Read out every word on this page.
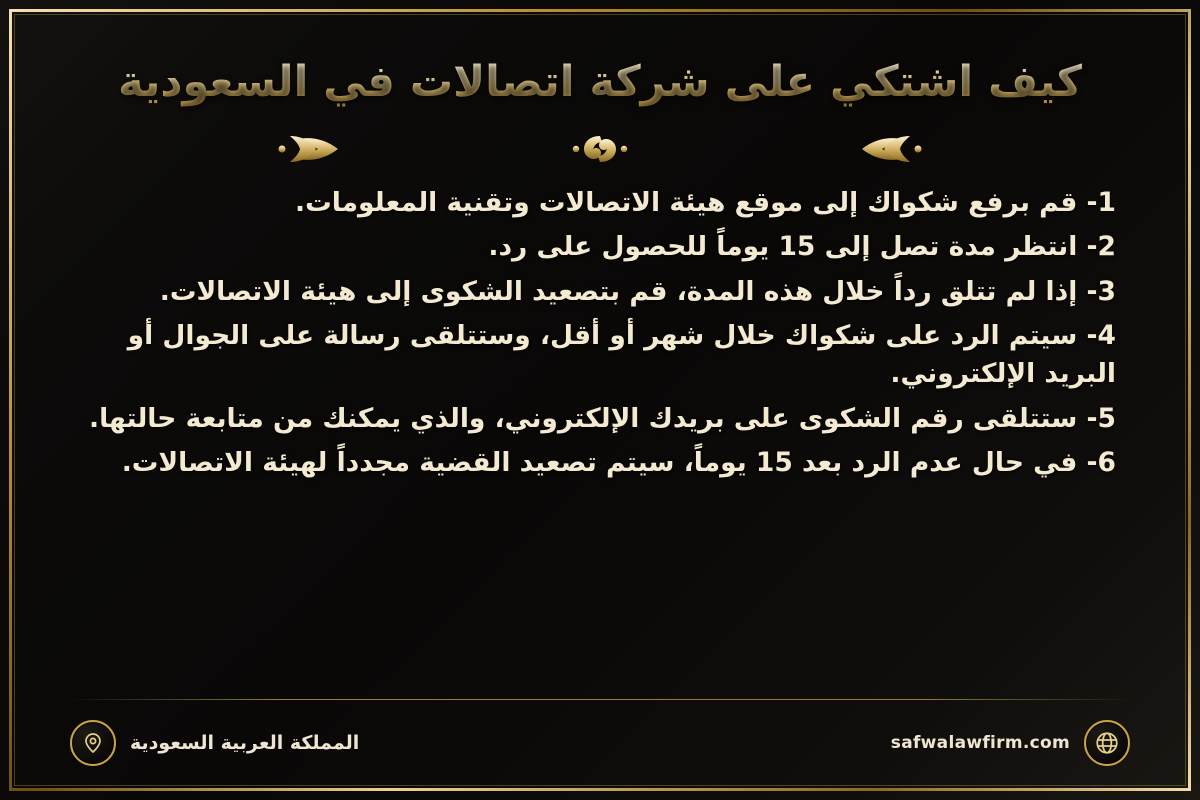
كيف اشتكي على شركة اتصالات في السعودية

1- قم برفع شكواك إلى موقع هيئة الاتصالات وتقنية المعلومات.

2- انتظر مدة تصل إلى 15 يوماً للحصول على رد.

3- إذا لم تتلق رداً خلال هذه المدة، قم بتصعيد الشكوى إلى هيئة الاتصالات.

4- سيتم الرد على شكواك خلال شهر أو أقل، وستتلقى رسالة على الجوال أو البريد الإلكتروني.

5- ستتلقى رقم الشكوى على بريدك الإلكتروني، والذي يمكنك من متابعة حالتها.

6- في حال عدم الرد بعد 15 يوماً، سيتم تصعيد القضية مجدداً لهيئة الاتصالات.

safwalawfirm.com
المملكة العربية السعودية
